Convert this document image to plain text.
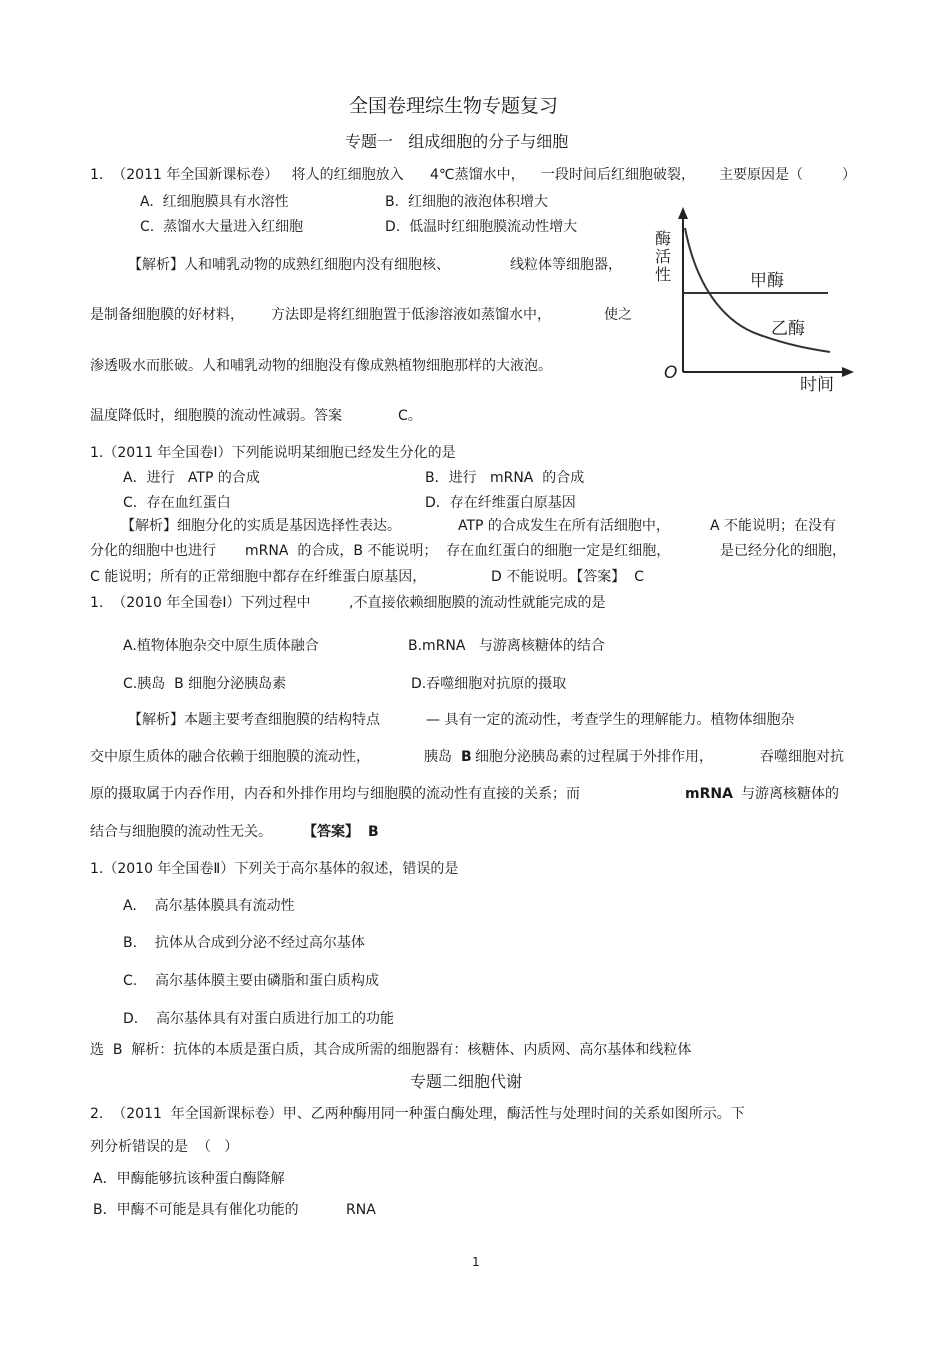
全国卷理综生物专题复习
专题一   组成细胞的分子与细胞
1.  （2011 年全国新课标卷）   将人的红细胞放入 4℃蒸馏水中， 一段时间后红细胞破裂， 主要原因是（	）
A.  红细胞膜具有水溶性	B.  红细胞的液泡体积增大
C.  蒸馏水大量进入红细胞	D.  低温时红细胞膜流动性增大
【解析】人和哺乳动物的成熟红细胞内没有细胞核、	线粒体等细胞器，
是制备细胞膜的好材料， 方法即是将红细胞置于低渗溶液如蒸馏水中，	使之
渗透吸水而胀破。人和哺乳动物的细胞没有像成熟植物细胞那样的大液泡。
温度降低时，细胞膜的流动性减弱。答案	C。
酶
活
性	甲酶
乙酶
O
时间
1.（2011 年全国卷Ⅰ）下列能说明某细胞已经发生分化的是
A．进行   ATP 的合成	B．进行   mRNA  的合成
C．存在血红蛋白	D．存在纤维蛋白原基因
【解析】细胞分化的实质是基因选择性表达。	ATP 的合成发生在所有活细胞中，	A 不能说明；在没有
分化的细胞中也进行 mRNA  的合成，B 不能说明；  存在血红蛋白的细胞一定是红细胞，	是已经分化的细胞，
C 能说明；所有的正常细胞中都存在纤维蛋白原基因，	D 不能说明。【答案】  C
1.  （2010 年全国卷Ⅰ）下列过程中	,不直接依赖细胞膜的流动性就能完成的是
A.植物体胞杂交中原生质体融合	B.mRNA   与游离核糖体的结合
C.胰岛  B 细胞分泌胰岛素	D.吞噬细胞对抗原的摄取
【解析】本题主要考查细胞膜的结构特点	— 具有一定的流动性，考查学生的理解能力。植物体细胞杂
交中原生质体的融合依赖于细胞膜的流动性，	胰岛 B 细胞分泌胰岛素的过程属于外排作用，	吞噬细胞对抗
原的摄取属于内吞作用，内吞和外排作用均与细胞膜的流动性有直接的关系；而	mRNA 与游离核糖体的
结合与细胞膜的流动性无关。 【答案】 B
1.（2010 年全国卷Ⅱ）下列关于高尔基体的叙述，错误的是
A.    高尔基体膜具有流动性
B.    抗体从合成到分泌不经过高尔基体
C.    高尔基体膜主要由磷脂和蛋白质构成
D.    高尔基体具有对蛋白质进行加工的功能
选  B  解析：抗体的本质是蛋白质，其合成所需的细胞器有：核糖体、内质网、高尔基体和线粒体
专题二细胞代谢
2.  （2011  年全国新课标卷）甲、乙两种酶用同一种蛋白酶处理，酶活性与处理时间的关系如图所示。下
列分析错误的是  （   ）
A．甲酶能够抗该种蛋白酶降解
B．甲酶不可能是具有催化功能的	RNA
1
